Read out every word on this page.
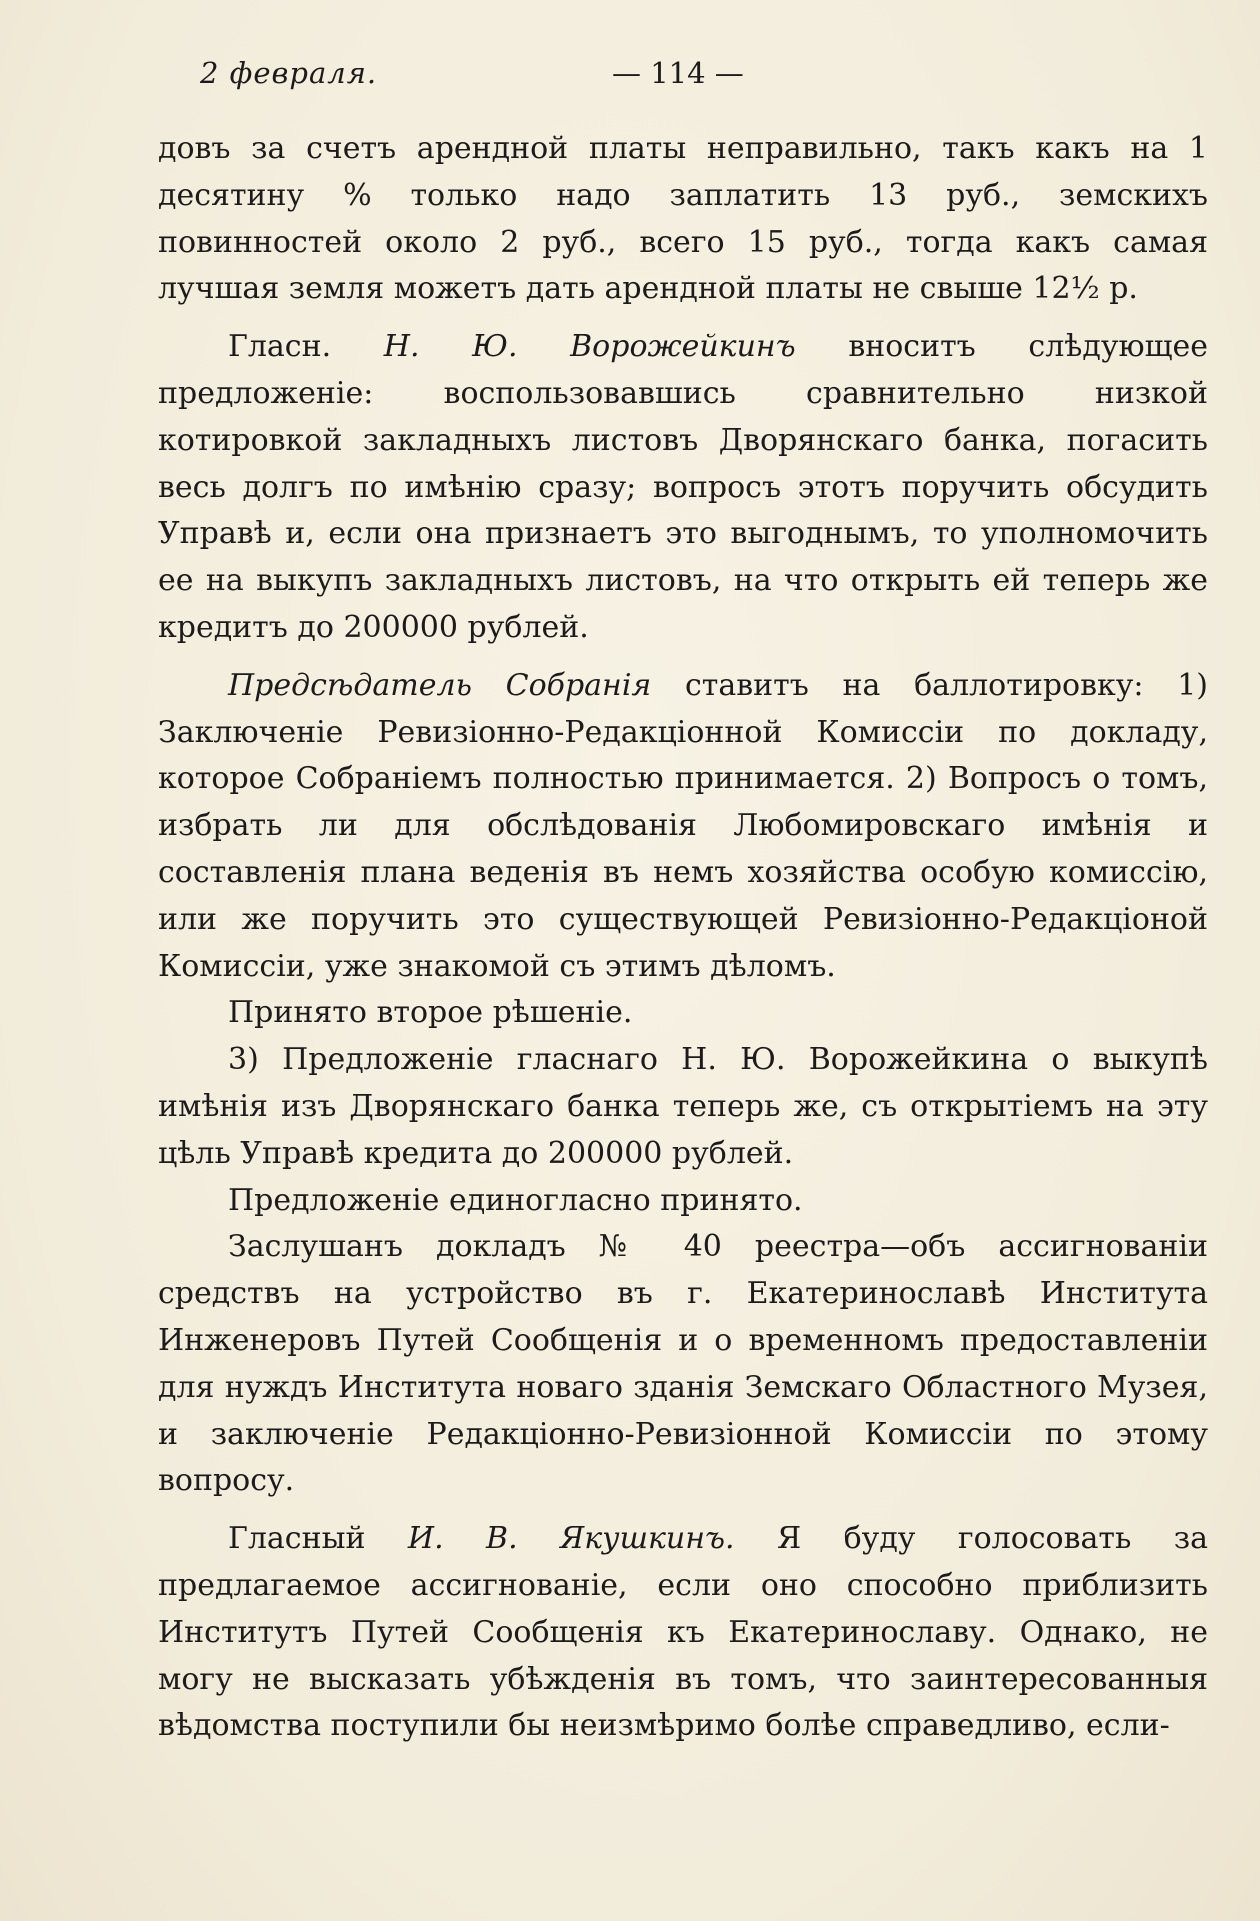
2 февраля.	— 114 —

довъ за счетъ арендной платы неправильно, такъ какъ на 1 десятину % только надо заплатить 13 руб., земскихъ повинностей около 2 руб., всего 15 руб., тогда какъ самая лучшая земля можетъ дать арендной платы не свыше 12½ р.

Гласн. Н. Ю. Ворожейкинъ вноситъ слѣдующее предложеніе: воспользовавшись сравнительно низкой котировкой закладныхъ листовъ Дворянскаго банка, погасить весь долгъ по имѣнію сразу; вопросъ этотъ поручить обсудить Управѣ и, если она признаетъ это выгоднымъ, то уполномочить ее на выкупъ закладныхъ листовъ, на что открыть ей теперь же кредитъ до 200000 рублей.

Предсѣдатель Собранія ставитъ на баллотировку: 1) Заключеніе Ревизіонно-Редакціонной Комиссіи по докладу, которое Собраніемъ полностью принимается. 2) Вопросъ о томъ, избрать ли для обслѣдованія Любомировскаго имѣнія и составленія плана веденія въ немъ хозяйства особую комиссію, или же поручить это существующей Ревизіонно-Редакціоной Комиссіи, уже знакомой съ этимъ дѣломъ.

Принято второе рѣшеніе.

3) Предложеніе гласнаго Н. Ю. Ворожейкина о выкупѣ имѣнія изъ Дворянскаго банка теперь же, съ открытіемъ на эту цѣль Управѣ кредита до 200000 рублей.

Предложеніе единогласно принято.

Заслушанъ докладъ № 40 реестра—объ ассигнованіи средствъ на устройство въ г. Екатеринославѣ Института Инженеровъ Путей Сообщенія и о временномъ предоставленіи для нуждъ Института новаго зданія Земскаго Областного Музея, и заключеніе Редакціонно-Ревизіонной Комиссіи по этому вопросу.

Гласный И. В. Якушкинъ. Я буду голосовать за предлагаемое ассигнованіе, если оно способно приблизить Институтъ Путей Сообщенія къ Екатеринославу. Однако, не могу не высказать убѣжденія въ томъ, что заинтересованныя вѣдомства поступили бы неизмѣримо болѣе справедливо, если-
